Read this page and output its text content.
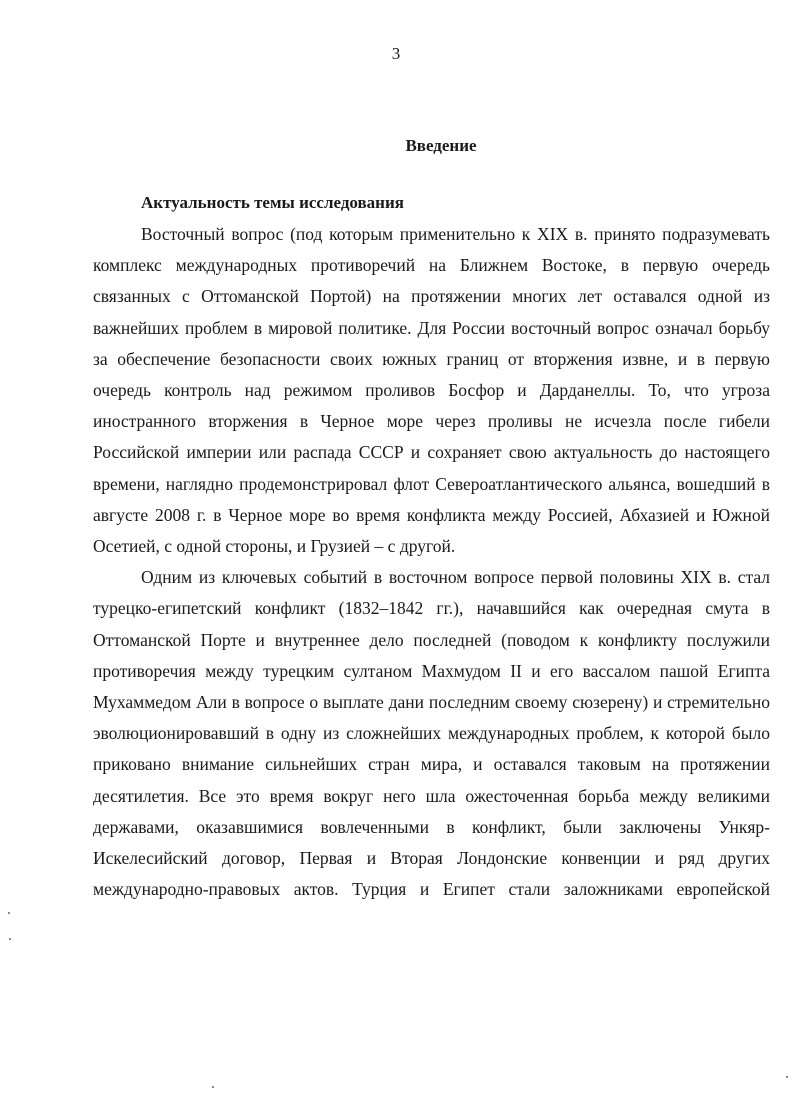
3
Введение
Актуальность темы исследования

Восточный вопрос (под которым применительно к XIX в. принято подразумевать комплекс международных противоречий на Ближнем Востоке, в первую очередь связанных с Оттоманской Портой) на протяжении многих лет оставался одной из важнейших проблем в мировой политике. Для России восточный вопрос означал борьбу за обеспечение безопасности своих южных границ от вторжения извне, и в первую очередь контроль над режимом проливов Босфор и Дарданеллы. То, что угроза иностранного вторжения в Черное море через проливы не исчезла после гибели Российской империи или распада СССР и сохраняет свою актуальность до настоящего времени, наглядно продемонстрировал флот Североатлантического альянса, вошедший в августе 2008 г. в Черное море во время конфликта между Россией, Абхазией и Южной Осетией, с одной стороны, и Грузией – с другой.

Одним из ключевых событий в восточном вопросе первой половины XIX в. стал турецко-египетский конфликт (1832–1842 гг.), начавшийся как очередная смута в Оттоманской Порте и внутреннее дело последней (поводом к конфликту послужили противоречия между турецким султаном Махмудом II и его вассалом пашой Египта Мухаммедом Али в вопросе о выплате дани последним своему сюзерену) и стремительно эволюционировавший в одну из сложнейших международных проблем, к которой было приковано внимание сильнейших стран мира, и оставался таковым на протяжении десятилетия. Все это время вокруг него шла ожесточенная борьба между великими державами, оказавшимися вовлеченными в конфликт, были заключены Ункяр-Искелесийский договор, Первая и Вторая Лондонские конвенции и ряд других международно-правовых актов. Турция и Египет стали заложниками европейской
